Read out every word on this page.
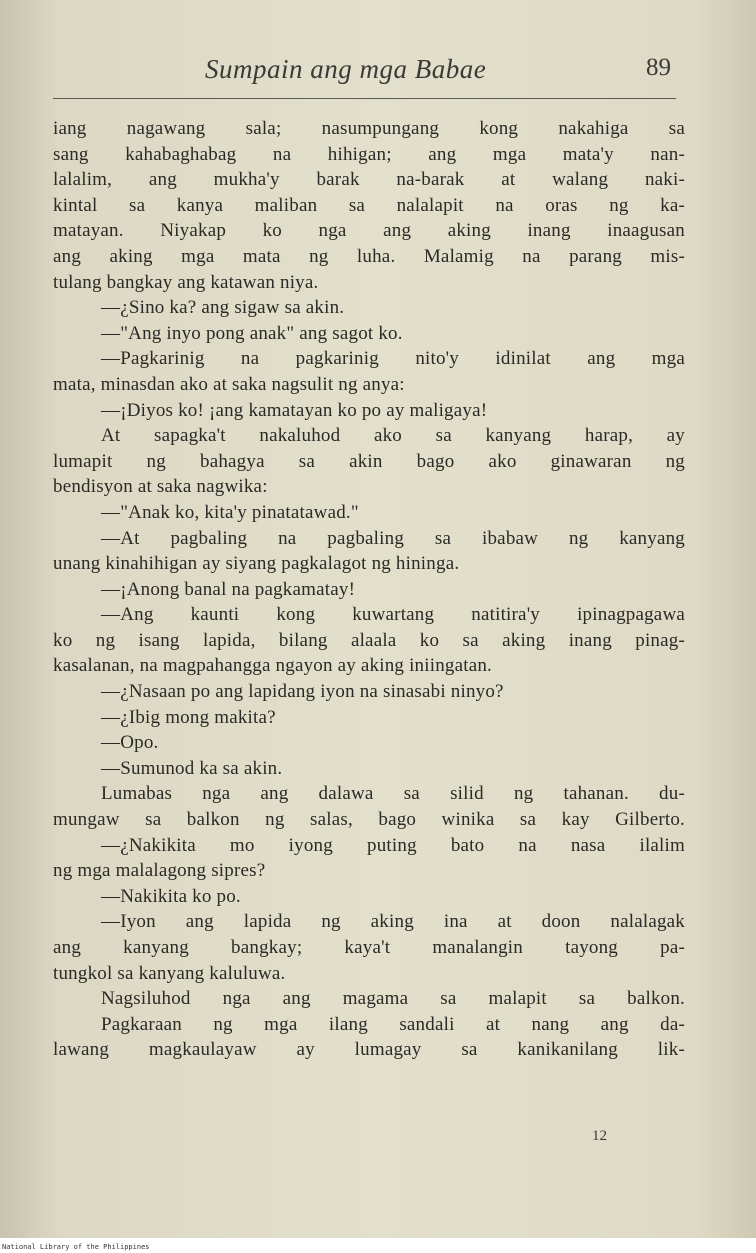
Sumpain ang mga Babae	89
iang nagawang sala; nasumpungang kong nakahiga sa
sang kahabaghabag na hihigan; ang mga mata'y nan-
lalalim, ang mukha'y barak na-barak at walang naki-
kintal sa kanya maliban sa nalalapit na oras ng ka-
matayan. Niyakap ko nga ang aking inang inaagusan
ang aking mga mata ng luha. Malamig na parang mis-
tulang bangkay ang katawan niya.
—¿Sino ka? ang sigaw sa akin.
—"Ang inyo pong anak" ang sagot ko.
—Pagkarinig na pagkarinig nito'y idinilat ang mga
mata, minasdan ako at saka nagsulit ng anya:
—¡Diyos ko! ¡ang kamatayan ko po ay maligaya!
At sapagka't nakaluhod ako sa kanyang harap, ay
lumapit ng bahagya sa akin bago ako ginawaran ng
bendisyon at saka nagwika:
—"Anak ko, kita'y pinatatawad."
—At pagbaling na pagbaling sa ibabaw ng kanyang
unang kinahihigan ay siyang pagkalagot ng hininga.
—¡Anong banal na pagkamatay!
—Ang kaunti kong kuwartang natitira'y ipinagpagawa
ko ng isang lapida, bilang alaala ko sa aking inang pinag-
kasalanan, na magpahangga ngayon ay aking iniingatan.
—¿Nasaan po ang lapidang iyon na sinasabi ninyo?
—¿Ibig mong makita?
—Opo.
—Sumunod ka sa akin.
Lumabas nga ang dalawa sa silid ng tahanan. du-
mungaw sa balkon ng salas, bago winika sa kay Gilberto.
—¿Nakikita mo iyong puting bato na nasa ilalim
ng mga malalagong sipres?
—Nakikita ko po.
—Iyon ang lapida ng aking ina at doon nalalagak
ang kanyang bangkay; kaya't manalangin tayong pa-
tungkol sa kanyang kaluluwa.
Nagsiluhod nga ang magama sa malapit sa balkon.
Pagkaraan ng mga ilang sandali at nang ang da-
lawang magkaulayaw ay lumagay sa kanikanilang lik-
12
National Library of the Philippines
